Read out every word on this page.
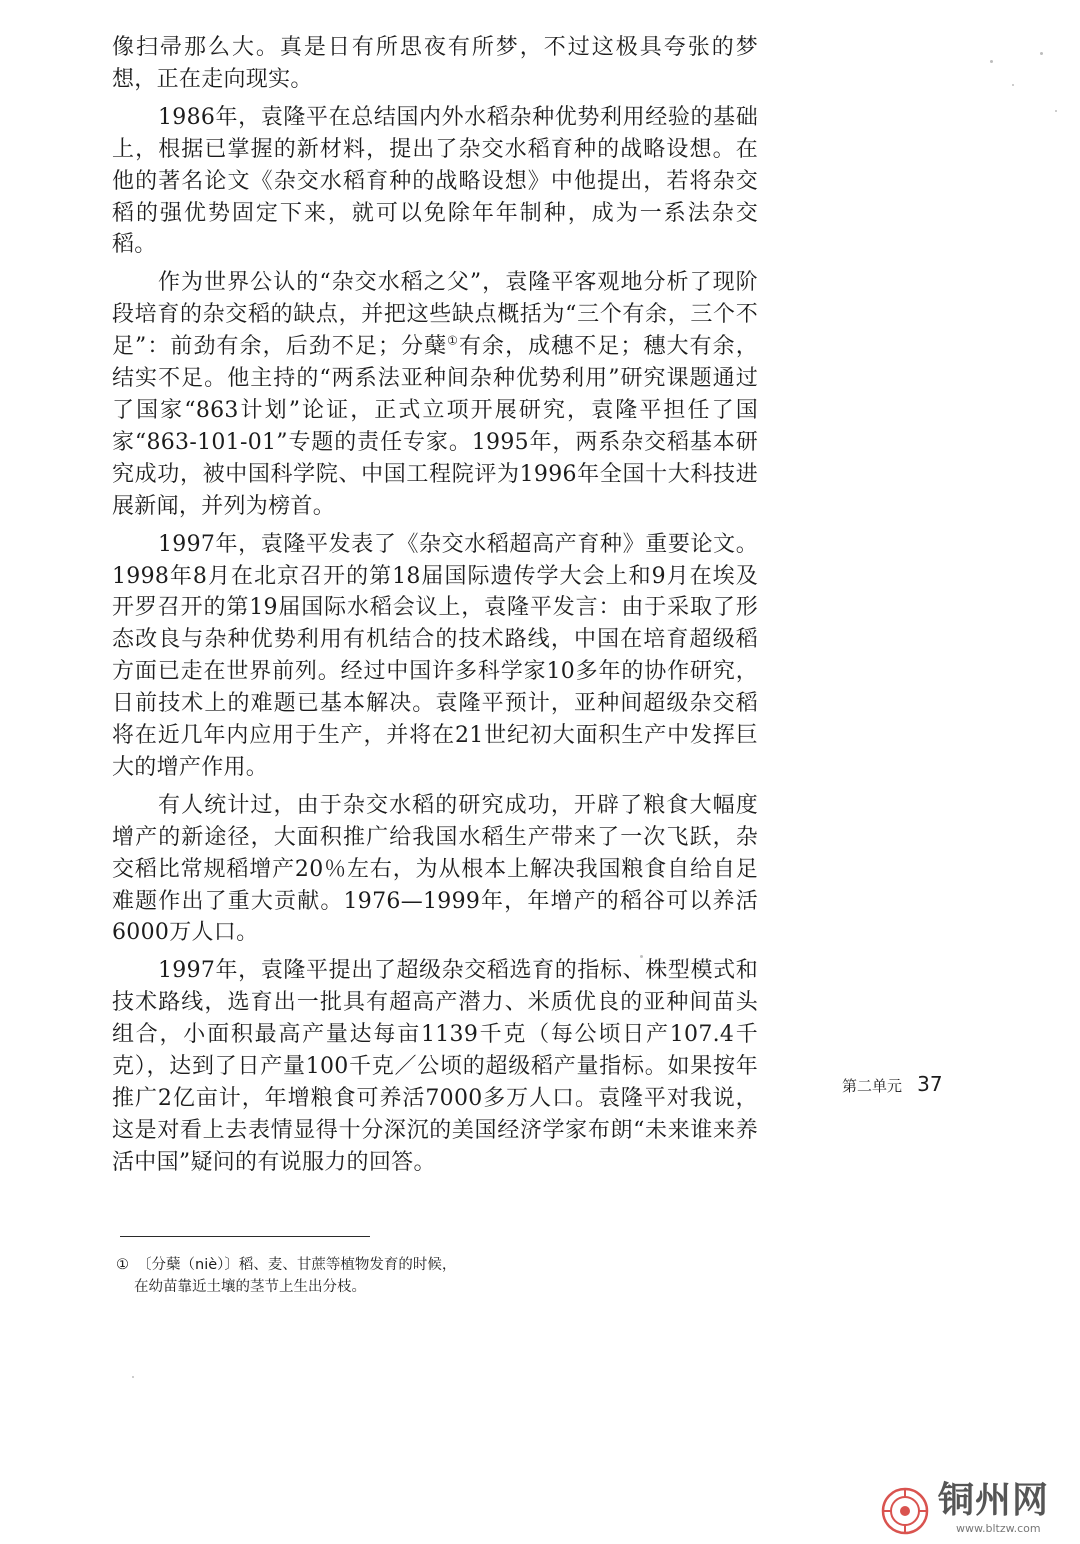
像扫帚那么大。真是日有所思夜有所梦，不过这极具夸张的梦想，正在走向现实。

1986年，袁隆平在总结国内外水稻杂种优势利用经验的基础上，根据已掌握的新材料，提出了杂交水稻育种的战略设想。在他的著名论文《杂交水稻育种的战略设想》中他提出，若将杂交稻的强优势固定下来，就可以免除年年制种，成为一系法杂交稻。

作为世界公认的“杂交水稻之父”，袁隆平客观地分析了现阶段培育的杂交稻的缺点，并把这些缺点概括为“三个有余，三个不足”：前劲有余，后劲不足；分蘖①有余，成穗不足；穗大有余，结实不足。他主持的“两系法亚种间杂种优势利用”研究课题通过了国家“863计划”论证，正式立项开展研究，袁隆平担任了国家“863-101-01”专题的责任专家。1995年，两系杂交稻基本研究成功，被中国科学院、中国工程院评为1996年全国十大科技进展新闻，并列为榜首。

1997年，袁隆平发表了《杂交水稻超高产育种》重要论文。1998年8月在北京召开的第18届国际遗传学大会上和9月在埃及开罗召开的第19届国际水稻会议上，袁隆平发言：由于采取了形态改良与杂种优势利用有机结合的技术路线，中国在培育超级稻方面已走在世界前列。经过中国许多科学家10多年的协作研究，日前技术上的难题已基本解决。袁隆平预计，亚种间超级杂交稻将在近几年内应用于生产，并将在21世纪初大面积生产中发挥巨大的增产作用。

有人统计过，由于杂交水稻的研究成功，开辟了粮食大幅度增产的新途径，大面积推广给我国水稻生产带来了一次飞跃，杂交稻比常规稻增产20％左右，为从根本上解决我国粮食自给自足难题作出了重大贡献。1976—1999年，年增产的稻谷可以养活6000万人口。

1997年，袁隆平提出了超级杂交稻选育的指标、株型模式和技术路线，选育出一批具有超高产潜力、米质优良的亚种间苗头组合，小面积最高产量达每亩1139千克（每公顷日产107.4千克），达到了日产量100千克／公顷的超级稻产量指标。如果按年推广2亿亩计，年增粮食可养活7000多万人口。袁隆平对我说，这是对看上去表情显得十分深沉的美国经济学家布朗“未来谁来养活中国”疑问的有说服力的回答。

① 〔分蘖（niè）〕稻、麦、甘蔗等植物发育的时候，
在幼苗靠近土壤的茎节上生出分枝。
第二单元 37
铜州网
www.bltzw.com
